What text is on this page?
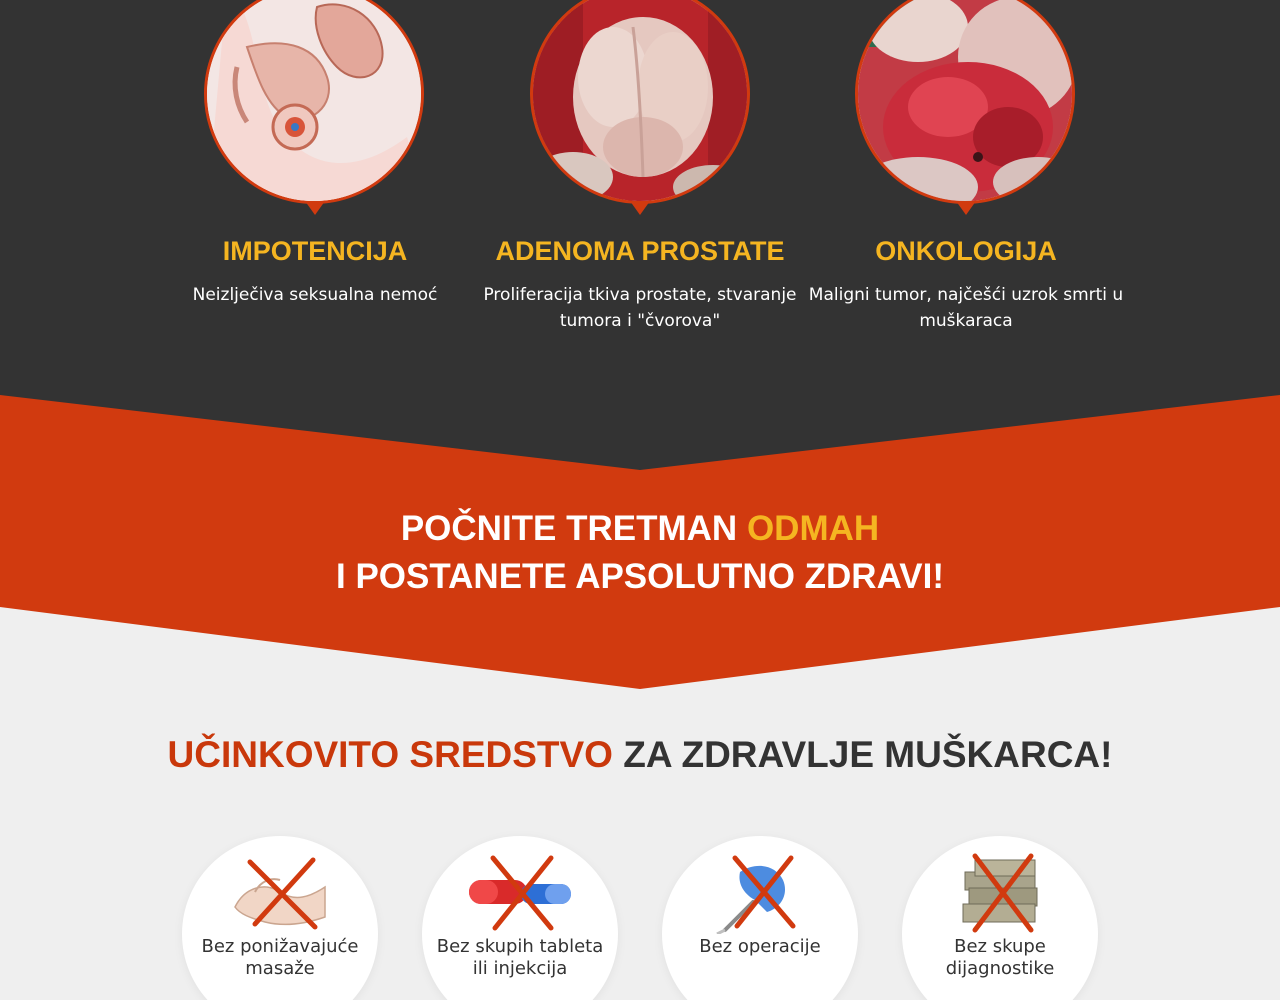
IMPOTENCIJA

Neizlječiva seksualna nemoć

ADENOMA PROSTATE

Proliferacija tkiva prostate, stvaranje tumora i "čvorova"

ONKOLOGIJA

Maligni tumor, najčešći uzrok smrti u muškaraca

POČNITE TRETMAN ODMAH
I POSTANETE APSOLUTNO ZDRAVI!
UČINKOVITO SREDSTVO ZA ZDRAVLJE MUŠKARCA!
Bez ponižavajuće masaže
Bez skupih tableta ili injekcija
Bez operacije	Bez skupe dijagnostike
